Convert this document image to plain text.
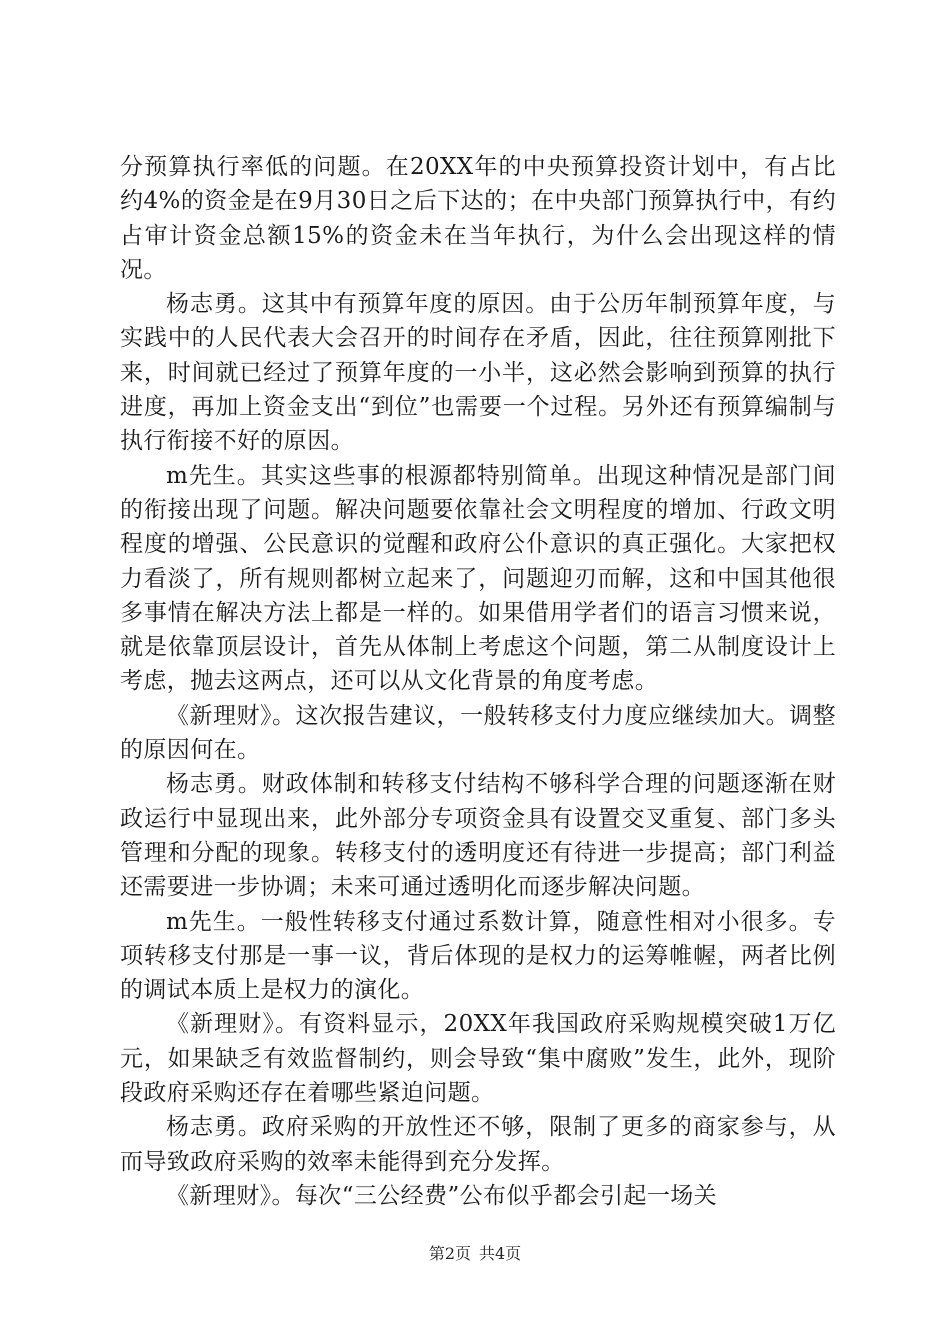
分预算执行率低的问题。在20XX年的中央预算投资计划中，有占比约4%的资金是在9月30日之后下达的；在中央部门预算执行中，有约占审计资金总额15%的资金未在当年执行，为什么会出现这样的情况。

杨志勇。这其中有预算年度的原因。由于公历年制预算年度，与实践中的人民代表大会召开的时间存在矛盾，因此，往往预算刚批下来，时间就已经过了预算年度的一小半，这必然会影响到预算的执行进度，再加上资金支出“到位”也需要一个过程。另外还有预算编制与执行衔接不好的原因。

m先生。其实这些事的根源都特别简单。出现这种情况是部门间的衔接出现了问题。解决问题要依靠社会文明程度的增加、行政文明程度的增强、公民意识的觉醒和政府公仆意识的真正强化。大家把权力看淡了，所有规则都树立起来了，问题迎刃而解，这和中国其他很多事情在解决方法上都是一样的。如果借用学者们的语言习惯来说，就是依靠顶层设计，首先从体制上考虑这个问题，第二从制度设计上考虑，抛去这两点，还可以从文化背景的角度考虑。

《新理财》。这次报告建议，一般转移支付力度应继续加大。调整的原因何在。

杨志勇。财政体制和转移支付结构不够科学合理的问题逐渐在财政运行中显现出来，此外部分专项资金具有设置交叉重复、部门多头管理和分配的现象。转移支付的透明度还有待进一步提高；部门利益还需要进一步协调；未来可通过透明化而逐步解决问题。

m先生。一般性转移支付通过系数计算，随意性相对小很多。专项转移支付那是一事一议，背后体现的是权力的运筹帷幄，两者比例的调试本质上是权力的演化。

《新理财》。有资料显示，20XX年我国政府采购规模突破1万亿元，如果缺乏有效监督制约，则会导致“集中腐败”发生，此外，现阶段政府采购还存在着哪些紧迫问题。

杨志勇。政府采购的开放性还不够，限制了更多的商家参与，从而导致政府采购的效率未能得到充分发挥。

《新理财》。每次“三公经费”公布似乎都会引起一场关

第2页 共4页
